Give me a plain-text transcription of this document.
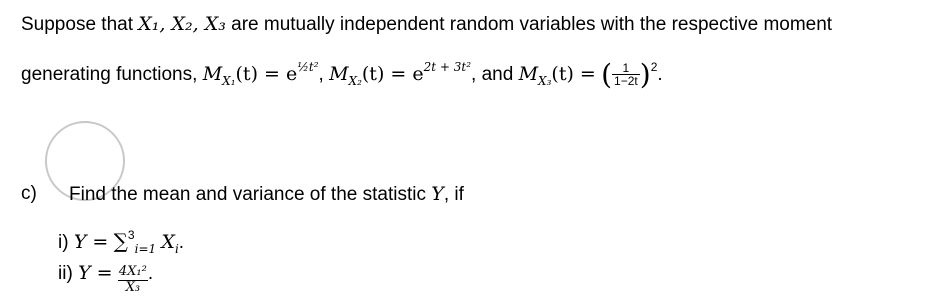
Suppose that X₁, X₂, X₃ are mutually independent random variables with the respective moment
generating functions, $M_{X_1}(t) = e^{\frac{1}{2}t^2}$, $M_{X_2}(t) = e^{2t + 3t^2}$, and $M_{X_3}(t)$ = ( $\frac{1}{1-2t} )^2$.
c) Find the mean and variance of the statistic Y, if
i) Y = ∑$^3_{i=1}$ $X_i$.
ii) $Y = \frac{\text{4X₁²}}{\text{X₃}}$ .
